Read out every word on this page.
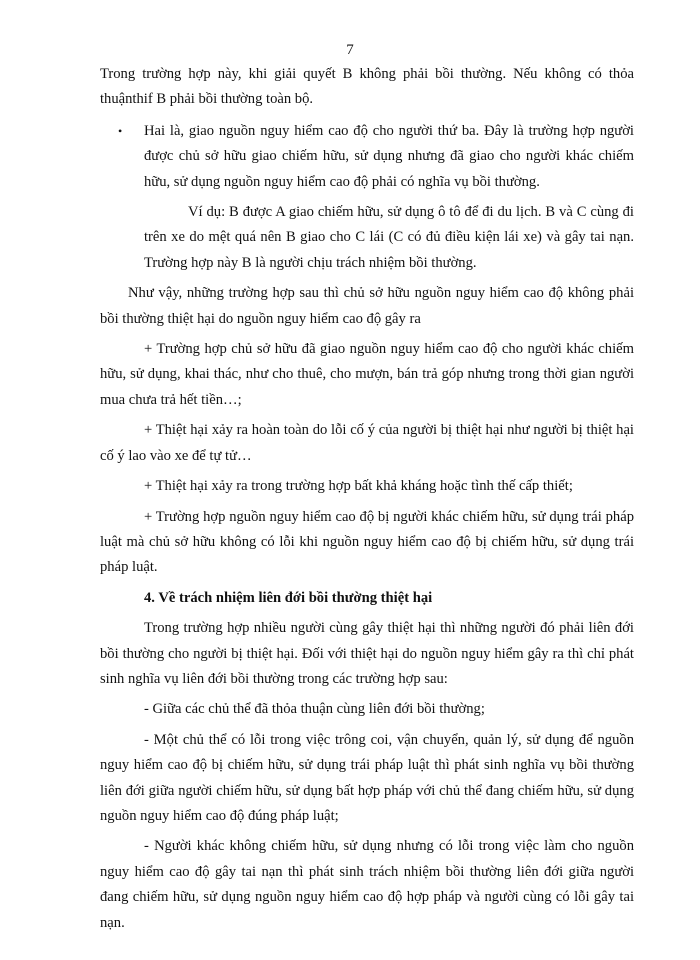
7

Trong trường hợp này, khi giải quyết B không phải bồi thường. Nếu không có thỏa thuậnthif B phải bồi thường toàn bộ.

• Hai là, giao nguồn nguy hiểm cao độ cho người thứ ba. Đây là trường hợp người được chủ sở hữu giao chiếm hữu, sử dụng nhưng đã giao cho người khác chiếm hữu, sử dụng nguồn nguy hiểm cao độ phải có nghĩa vụ bồi thường.

Ví dụ: B được A giao chiếm hữu, sử dụng ô tô để đi du lịch. B và C cùng đi trên xe do mệt quá nên B giao cho C lái (C có đủ điều kiện lái xe) và gây tai nạn. Trường hợp này B là người chịu trách nhiệm bồi thường.

Như vậy, những trường hợp sau thì chủ sở hữu nguồn nguy hiểm cao độ không phải bồi thường thiệt hại do nguồn nguy hiểm cao độ gây ra

+ Trường hợp chủ sở hữu đã giao nguồn nguy hiểm cao độ cho người khác chiếm hữu, sử dụng, khai thác, như cho thuê, cho mượn, bán trả góp nhưng trong thời gian người mua chưa trả hết tiền…;

+ Thiệt hại xảy ra hoàn toàn do lỗi cố ý của người bị thiệt hại như người bị thiệt hại cố ý lao vào xe để tự tử…

+ Thiệt hại xảy ra trong trường hợp bất khả kháng hoặc tình thế cấp thiết;

+ Trường hợp nguồn nguy hiểm cao độ bị người khác chiếm hữu, sử dụng trái pháp luật mà chủ sở hữu không có lỗi khi nguồn nguy hiểm cao độ bị chiếm hữu, sử dụng trái pháp luật.

4. Về trách nhiệm liên đới bồi thường thiệt hại

Trong trường hợp nhiều người cùng gây thiệt hại thì những người đó phải liên đới bồi thường cho người bị thiệt hại. Đối với thiệt hại do nguồn nguy hiểm gây ra thì chỉ phát sinh nghĩa vụ liên đới bồi thường trong các trường hợp sau:

- Giữa các chủ thể đã thỏa thuận cùng liên đới bồi thường;

- Một chủ thể có lỗi trong việc trông coi, vận chuyển, quản lý, sử dụng để nguồn nguy hiểm cao độ bị chiếm hữu, sử dụng trái pháp luật thì phát sinh nghĩa vụ bồi thường liên đới giữa người chiếm hữu, sử dụng bất hợp pháp với chủ thể đang chiếm hữu, sử dụng nguồn nguy hiểm cao độ đúng pháp luật;

- Người khác không chiếm hữu, sử dụng nhưng có lỗi trong việc làm cho nguồn nguy hiểm cao độ gây tai nạn thì phát sinh trách nhiệm bồi thường liên đới giữa người đang chiếm hữu, sử dụng nguồn nguy hiểm cao độ hợp pháp và người cùng có lỗi gây tai nạn.
